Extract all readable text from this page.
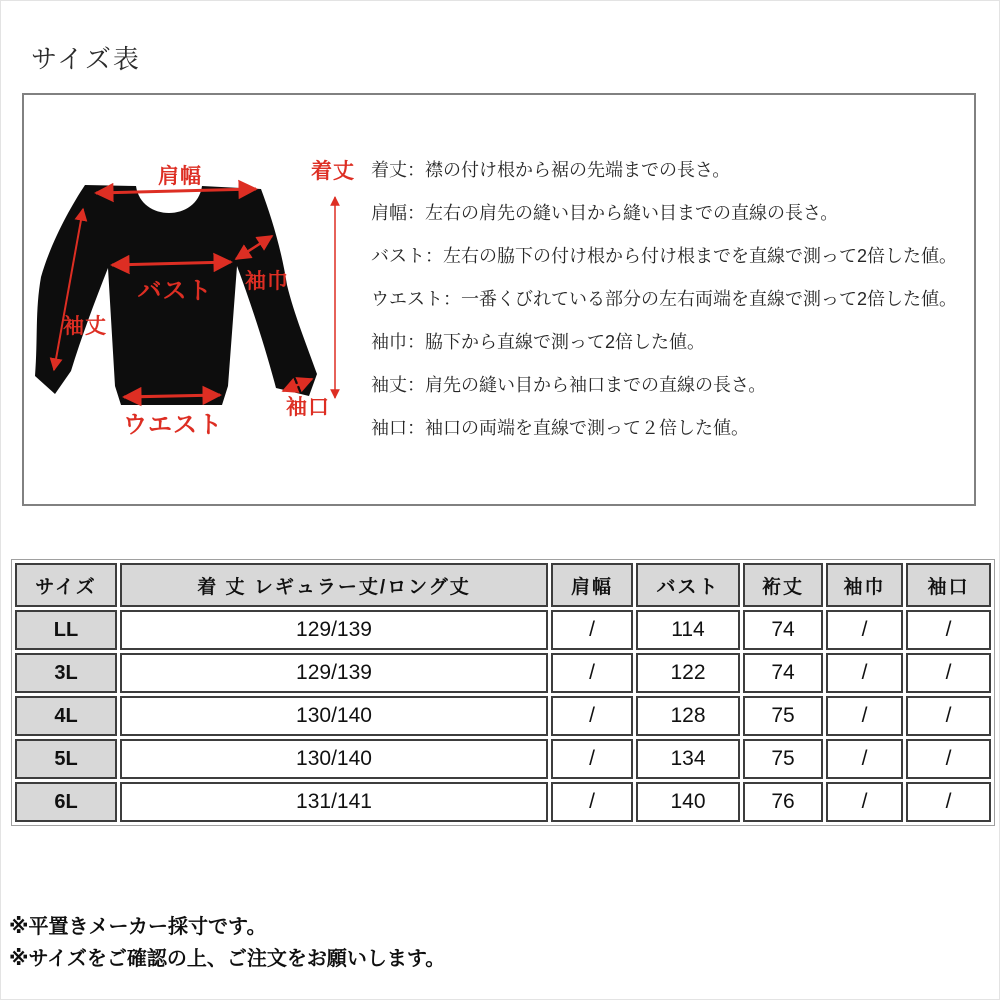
サイズ表
肩幅	着丈
バスト 袖巾
袖丈
ウエスト
袖口
着丈：襟の付け根から裾の先端までの長さ。
肩幅：左右の肩先の縫い目から縫い目までの直線の長さ。
バスト：左右の脇下の付け根から付け根までを直線で測って2倍した値。
ウエスト：一番くびれている部分の左右両端を直線で測って2倍した値。
袖巾：脇下から直線で測って2倍した値。
袖丈：肩先の縫い目から袖口までの直線の長さ。
袖口：袖口の両端を直線で測って２倍した値。
サイズ	着 丈 レギュラー丈/ロング丈	肩幅	バスト	裄丈	袖巾	袖口
LL	129/139	/	114	74	/	/
3L	129/139	/	122	74	/	/
4L	130/140	/	128	75	/	/
5L	130/140	/	134	75	/	/
6L	131/141	/	140	76	/	/
※平置きメーカー採寸です。
※サイズをご確認の上、ご注文をお願いします。
